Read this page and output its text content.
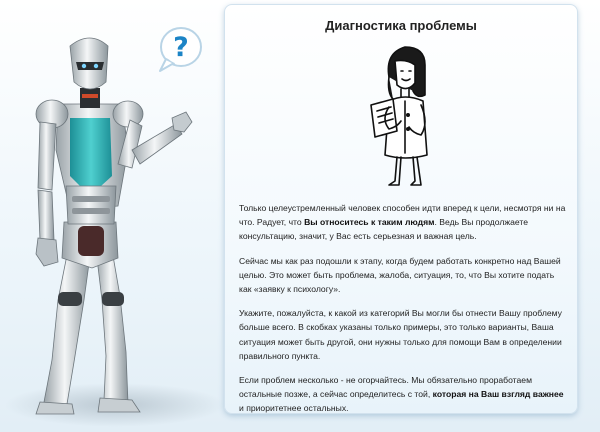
?
Диагностика проблемы

Только целеустремленный человек способен идти вперед к цели, несмотря ни на что. Радует, что Вы относитесь к таким людям. Ведь Вы продолжаете консультацию, значит, у Вас есть серьезная и важная цель.

Сейчас мы как раз подошли к этапу, когда будем работать конкретно над Вашей целью. Это может быть проблема, жалоба, ситуация, то, что Вы хотите подать как «заявку к психологу».

Укажите, пожалуйста, к какой из категорий Вы могли бы отнести Вашу проблему больше всего. В скобках указаны только примеры, это только варианты, Ваша ситуация может быть другой, они нужны только для помощи Вам в определении правильного пункта.

Если проблем несколько - не огорчайтесь. Мы обязательно проработаем остальные позже, а сейчас определитесь с той, которая на Ваш взгляд важнее и приоритетнее остальных.
